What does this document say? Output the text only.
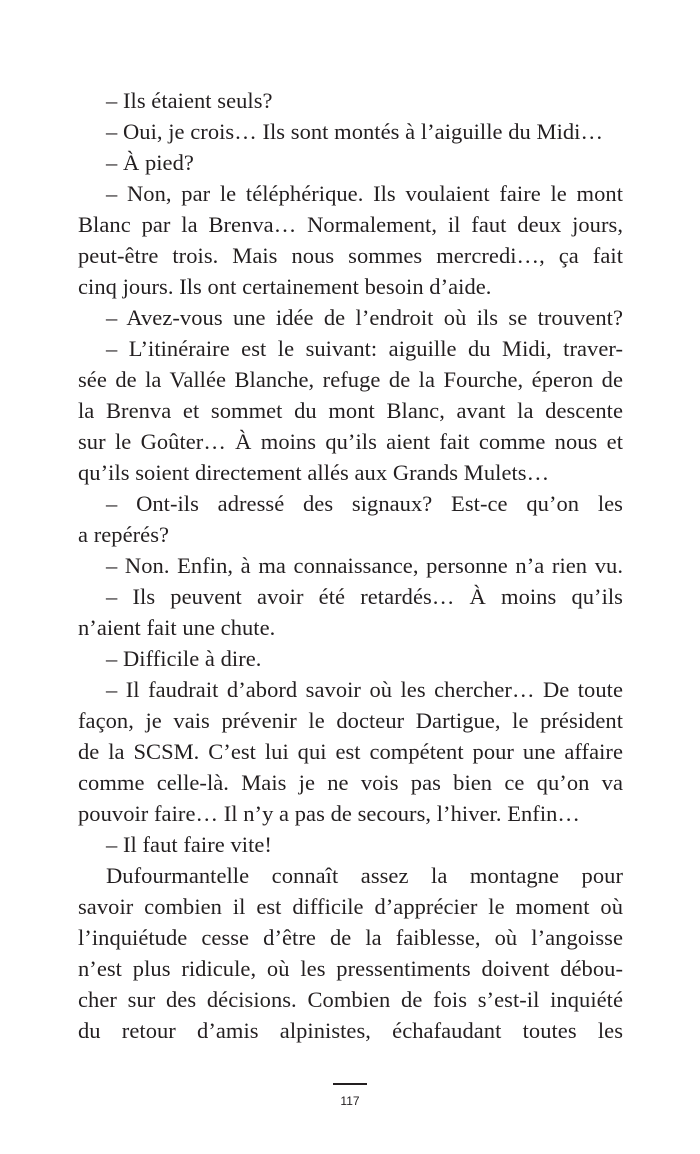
– Ils étaient seuls?
– Oui, je crois… Ils sont montés à l’aiguille du Midi…
– À pied?
– Non, par le téléphérique. Ils voulaient faire le mont
Blanc par la Brenva… Normalement, il faut deux jours,
peut-être trois. Mais nous sommes mercredi…, ça fait
cinq jours. Ils ont certainement besoin d’aide.
– Avez-vous une idée de l’endroit où ils se trouvent?
– L’itinéraire est le suivant: aiguille du Midi, traver-
sée de la Vallée Blanche, refuge de la Fourche, éperon de
la Brenva et sommet du mont Blanc, avant la descente
sur le Goûter… À moins qu’ils aient fait comme nous et
qu’ils soient directement allés aux Grands Mulets…
– Ont-ils adressé des signaux? Est-ce qu’on les
a repérés?
– Non. Enfin, à ma connaissance, personne n’a rien vu.
– Ils peuvent avoir été retardés… À moins qu’ils
n’aient fait une chute.
– Difficile à dire.
– Il faudrait d’abord savoir où les chercher… De toute
façon, je vais prévenir le docteur Dartigue, le président
de la SCSM. C’est lui qui est compétent pour une affaire
comme celle-là. Mais je ne vois pas bien ce qu’on va
pouvoir faire… Il n’y a pas de secours, l’hiver. Enfin…
– Il faut faire vite!
Dufourmantelle connaît assez la montagne pour
savoir combien il est difficile d’apprécier le moment où
l’inquiétude cesse d’être de la faiblesse, où l’angoisse
n’est plus ridicule, où les pressentiments doivent débou-
cher sur des décisions. Combien de fois s’est-il inquiété
du retour d’amis alpinistes, échafaudant toutes les
117
